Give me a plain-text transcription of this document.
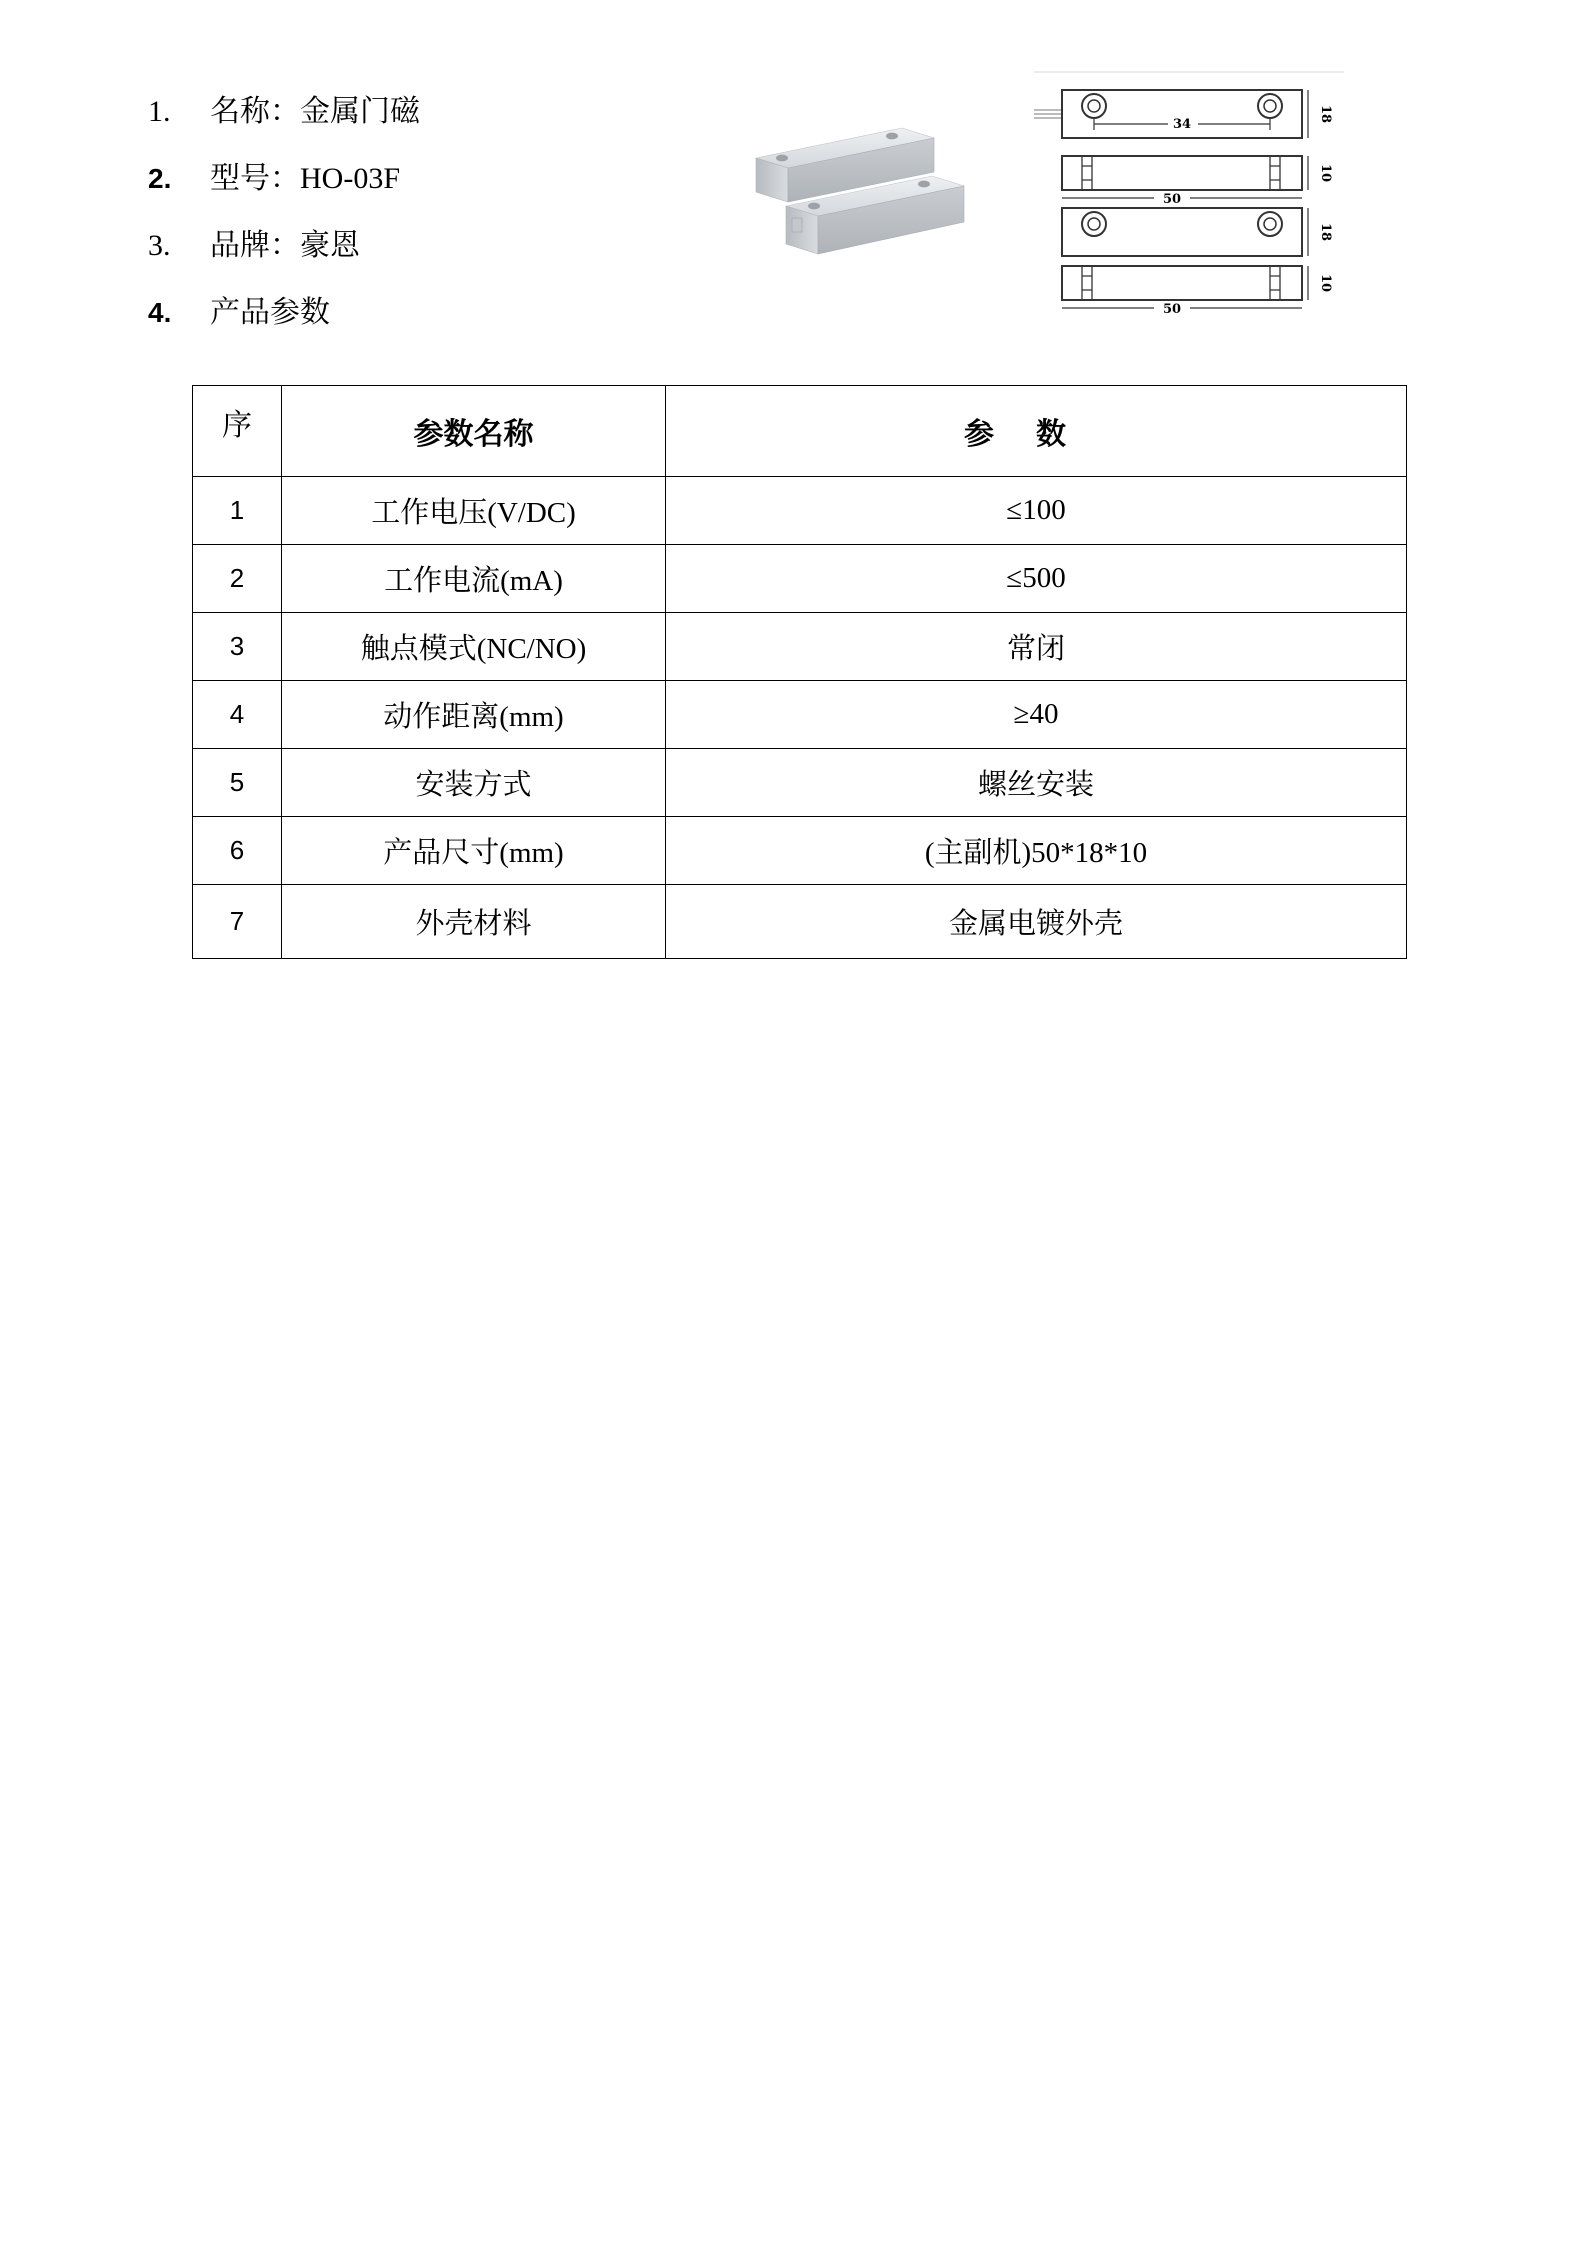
1.	名称：金属门磁
2.	型号：HO-03F
3.	品牌：豪恩
4.	产品参数
34
18
50
10
18
50
10
序	参数名称	参数
1	工作电压(V/DC)	≤100
2	工作电流(mA)	≤500
3	触点模式(NC/NO)	常闭
4	动作距离(mm)	≥40
5	安装方式	螺丝安装
6	产品尺寸(mm)	(主副机)50*18*10
7	外壳材料	金属电镀外壳
